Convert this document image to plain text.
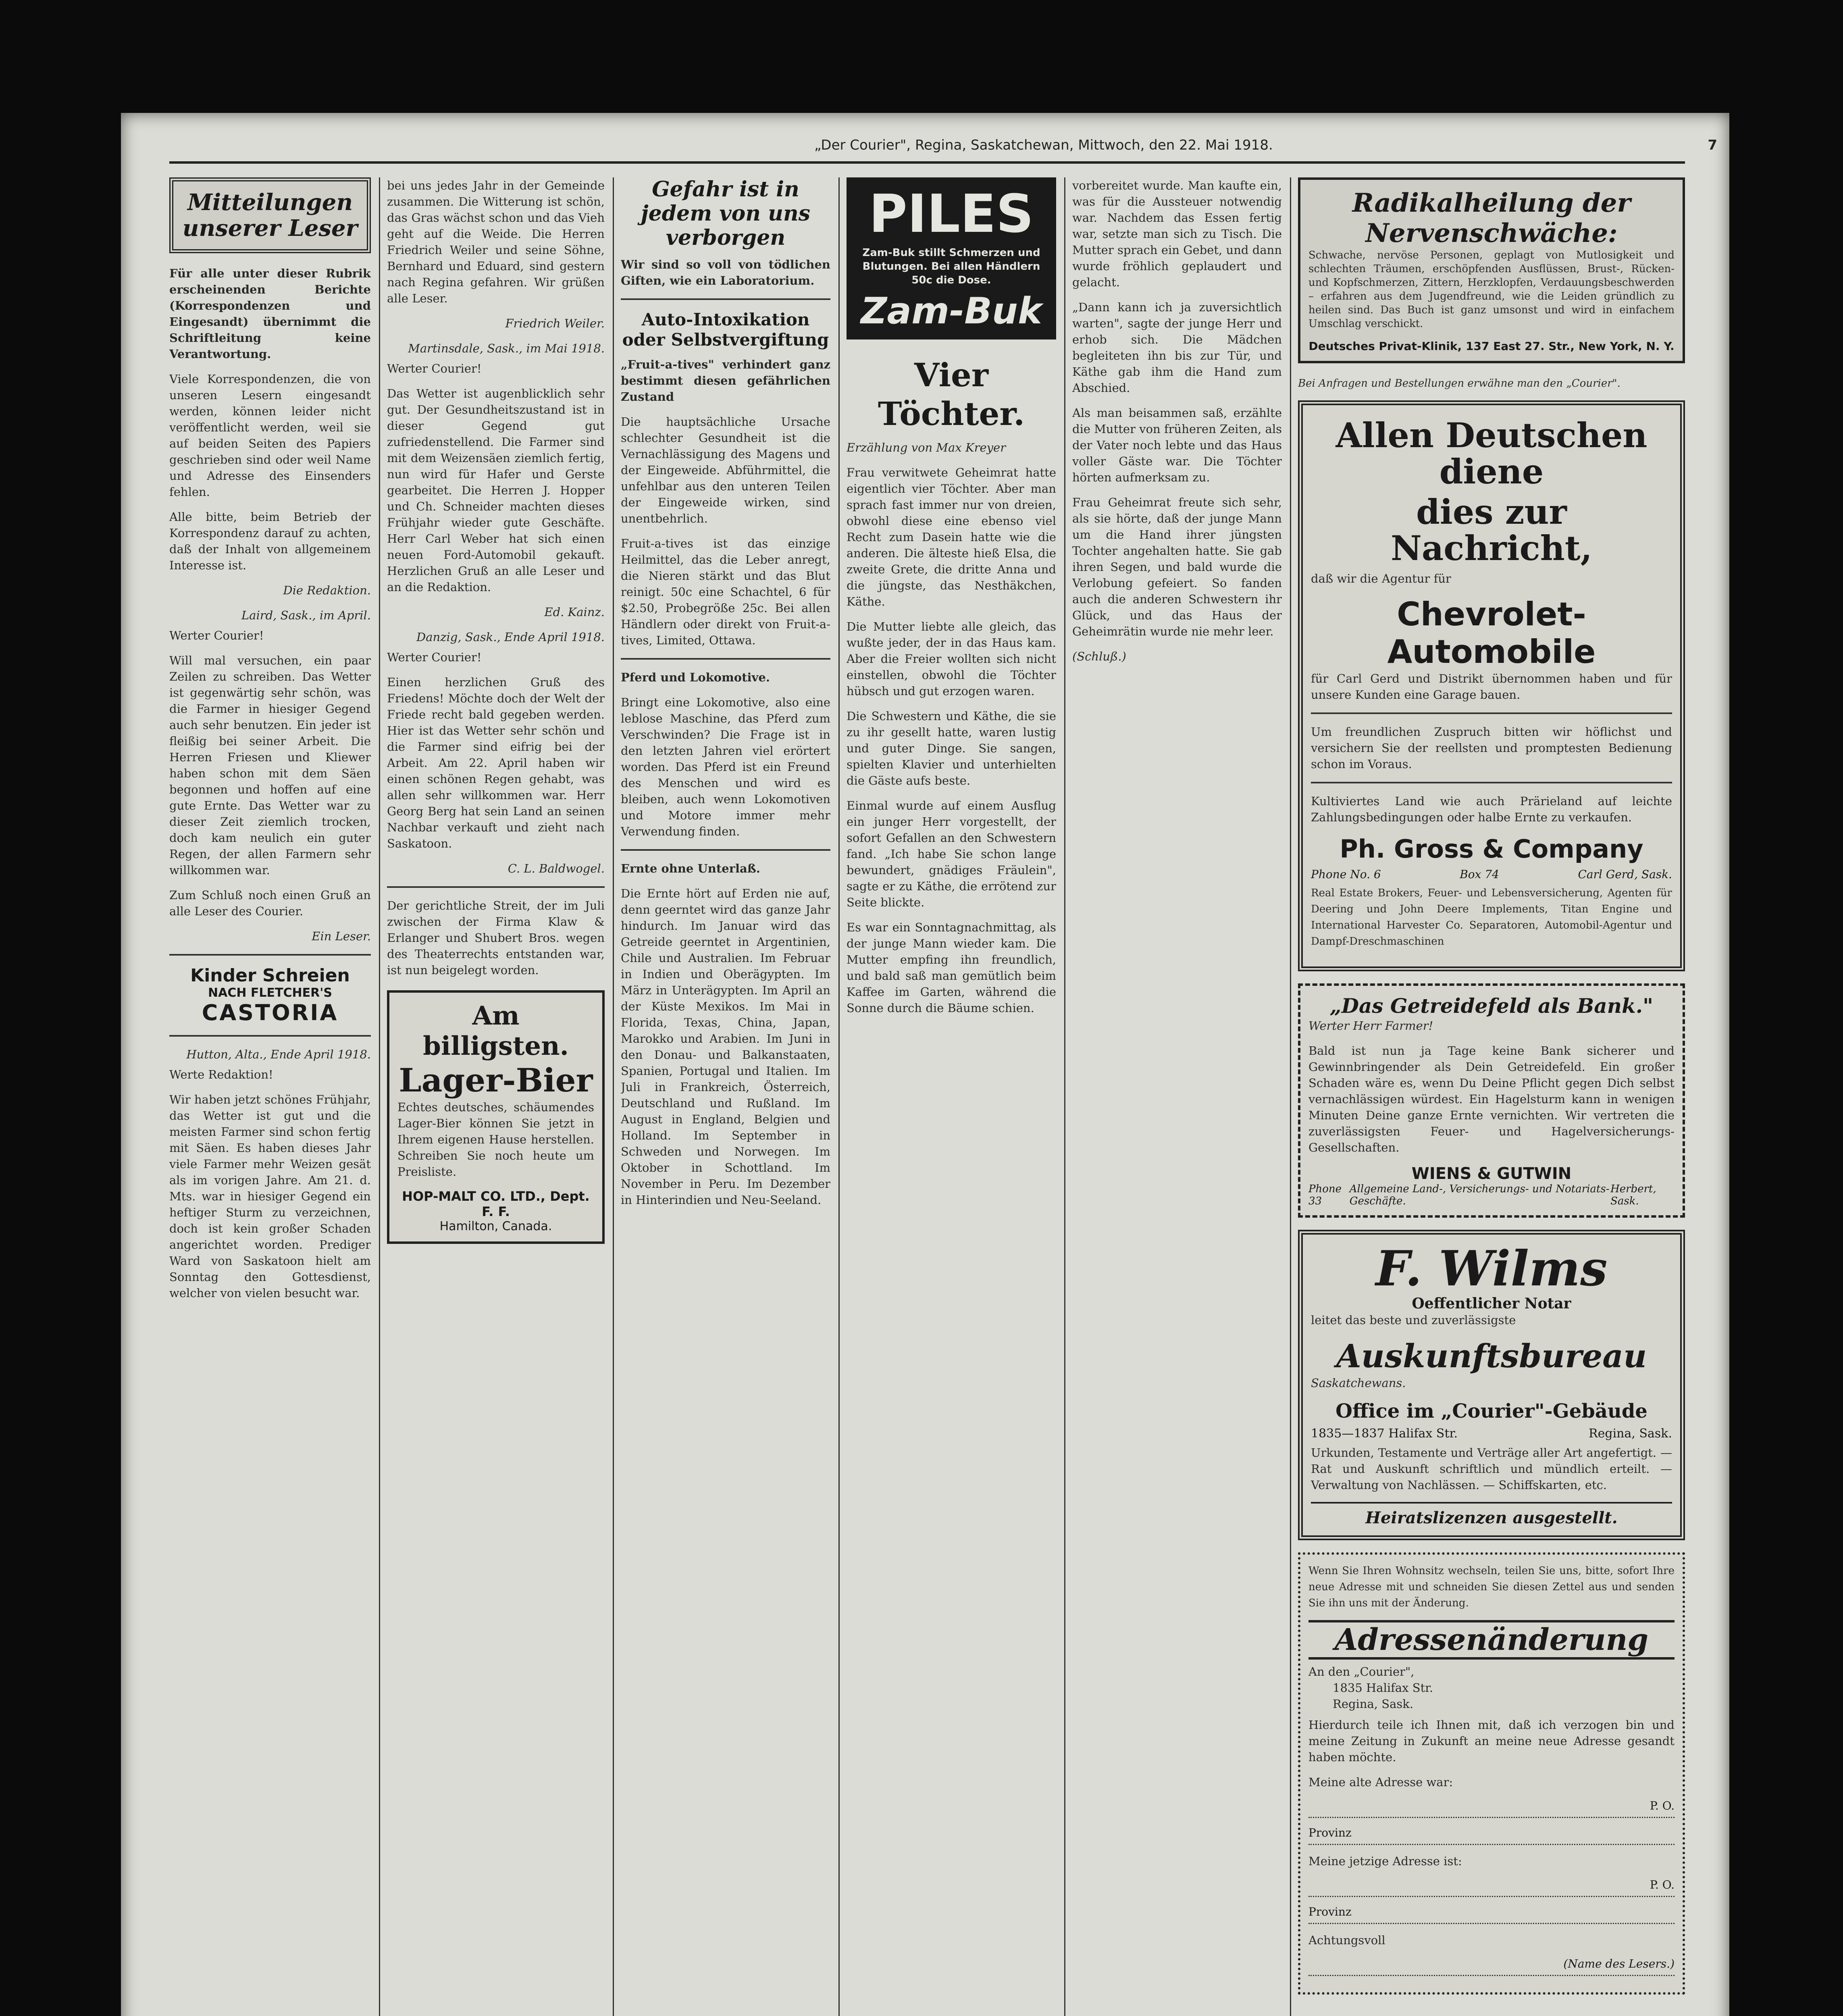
„Der Courier", Regina, Saskatchewan, Mittwoch, den 22. Mai 1918.	7
Mitteilungen unserer Leser

Für alle unter dieser Rubrik erscheinenden Berichte (Korrespondenzen und Eingesandt) übernimmt die Schriftleitung keine Verantwortung.

Viele Korrespondenzen, die von unseren Lesern eingesandt werden, können leider nicht veröffentlicht werden, weil sie auf beiden Seiten des Papiers geschrieben sind oder weil Name und Adresse des Einsenders fehlen.

Alle bitte, beim Betrieb der Korrespondenz darauf zu achten, daß der Inhalt von allgemeinem Interesse ist.

Die Redaktion.

Laird, Sask., im April.

Werter Courier!

Will mal versuchen, ein paar Zeilen zu schreiben. Das Wetter ist gegenwärtig sehr schön, was die Farmer in hiesiger Gegend auch sehr benutzen. Ein jeder ist fleißig bei seiner Arbeit. Die Herren Friesen und Kliewer haben schon mit dem Säen begonnen und hoffen auf eine gute Ernte. Das Wetter war zu dieser Zeit ziemlich trocken, doch kam neulich ein guter Regen, der allen Farmern sehr willkommen war.

Zum Schluß noch einen Gruß an alle Leser des Courier.

Ein Leser.

Kinder Schreien
NACH FLETCHER'S
CASTORIA

Hutton, Alta., Ende April 1918.

Werte Redaktion!

Wir haben jetzt schönes Frühjahr, das Wetter ist gut und die meisten Farmer sind schon fertig mit Säen. Es haben dieses Jahr viele Farmer mehr Weizen gesät als im vorigen Jahre. Am 21. d. Mts. war in hiesiger Gegend ein heftiger Sturm zu verzeichnen, doch ist kein großer Schaden angerichtet worden. Prediger Ward von Saskatoon hielt am Sonntag den Gottesdienst, welcher von vielen besucht war.

bei uns jedes Jahr in der Gemeinde zusammen. Die Witterung ist schön, das Gras wächst schon und das Vieh geht auf die Weide. Die Herren Friedrich Weiler und seine Söhne, Bernhard und Eduard, sind gestern nach Regina gefahren. Wir grüßen alle Leser.

Friedrich Weiler.

Martinsdale, Sask., im Mai 1918.

Werter Courier!

Das Wetter ist augenblicklich sehr gut. Der Gesundheitszustand ist in dieser Gegend gut zufriedenstellend. Die Farmer sind mit dem Weizensäen ziemlich fertig, nun wird für Hafer und Gerste gearbeitet. Die Herren J. Hopper und Ch. Schneider machten dieses Frühjahr wieder gute Geschäfte. Herr Carl Weber hat sich einen neuen Ford-Automobil gekauft. Herzlichen Gruß an alle Leser und an die Redaktion.

Ed. Kainz.

Danzig, Sask., Ende April 1918.

Werter Courier!

Einen herzlichen Gruß des Friedens! Möchte doch der Welt der Friede recht bald gegeben werden. Hier ist das Wetter sehr schön und die Farmer sind eifrig bei der Arbeit. Am 22. April haben wir einen schönen Regen gehabt, was allen sehr willkommen war. Herr Georg Berg hat sein Land an seinen Nachbar verkauft und zieht nach Saskatoon.

C. L. Baldwogel.

Der gerichtliche Streit, der im Juli zwischen der Firma Klaw & Erlanger und Shubert Bros. wegen des Theaterrechts entstanden war, ist nun beigelegt worden.

Am billigsten.
Lager-Bier

Echtes deutsches, schäumendes Lager-Bier können Sie jetzt in Ihrem eigenen Hause herstellen. Schreiben Sie noch heute um Preisliste.

HOP-MALT CO. LTD., Dept. F. F.
Hamilton, Canada.
Gefahr ist in jedem von uns verborgen

Wir sind so voll von tödlichen Giften, wie ein Laboratorium.

Auto-Intoxikation oder Selbstvergiftung

„Fruit-a-tives" verhindert ganz bestimmt diesen gefährlichen Zustand

Die hauptsächliche Ursache schlechter Gesundheit ist die Vernachlässigung des Magens und der Eingeweide. Abführmittel, die unfehlbar aus den unteren Teilen der Eingeweide wirken, sind unentbehrlich.

Fruit-a-tives ist das einzige Heilmittel, das die Leber anregt, die Nieren stärkt und das Blut reinigt. 50c eine Schachtel, 6 für $2.50, Probegröße 25c. Bei allen Händlern oder direkt von Fruit-a-tives, Limited, Ottawa.

Pferd und Lokomotive.

Bringt eine Lokomotive, also eine leblose Maschine, das Pferd zum Verschwinden? Die Frage ist in den letzten Jahren viel erörtert worden. Das Pferd ist ein Freund des Menschen und wird es bleiben, auch wenn Lokomotiven und Motore immer mehr Verwendung finden.

Ernte ohne Unterlaß.

Die Ernte hört auf Erden nie auf, denn geerntet wird das ganze Jahr hindurch. Im Januar wird das Getreide geerntet in Argentinien, Chile und Australien. Im Februar in Indien und Oberägypten. Im März in Unterägypten. Im April an der Küste Mexikos. Im Mai in Florida, Texas, China, Japan, Marokko und Arabien. Im Juni in den Donau- und Balkanstaaten, Spanien, Portugal und Italien. Im Juli in Frankreich, Österreich, Deutschland und Rußland. Im August in England, Belgien und Holland. Im September in Schweden und Norwegen. Im Oktober in Schottland. Im November in Peru. Im Dezember in Hinterindien und Neu-Seeland.

PILES
Zam-Buk stillt Schmerzen und Blutungen. Bei allen Händlern 50c die Dose.
Zam-Buk
Vier Töchter.

Erzählung von Max Kreyer

Frau verwitwete Geheimrat hatte eigentlich vier Töchter. Aber man sprach fast immer nur von dreien, obwohl diese eine ebenso viel Recht zum Dasein hatte wie die anderen. Die älteste hieß Elsa, die zweite Grete, die dritte Anna und die jüngste, das Nesthäkchen, Käthe.

Die Mutter liebte alle gleich, das wußte jeder, der in das Haus kam. Aber die Freier wollten sich nicht einstellen, obwohl die Töchter hübsch und gut erzogen waren.

Die Schwestern und Käthe, die sie zu ihr gesellt hatte, waren lustig und guter Dinge. Sie sangen, spielten Klavier und unterhielten die Gäste aufs beste.

Einmal wurde auf einem Ausflug ein junger Herr vorgestellt, der sofort Gefallen an den Schwestern fand. „Ich habe Sie schon lange bewundert, gnädiges Fräulein", sagte er zu Käthe, die errötend zur Seite blickte.

Es war ein Sonntagnachmittag, als der junge Mann wieder kam. Die Mutter empfing ihn freundlich, und bald saß man gemütlich beim Kaffee im Garten, während die Sonne durch die Bäume schien.

vorbereitet wurde. Man kaufte ein, was für die Aussteuer notwendig war. Nachdem das Essen fertig war, setzte man sich zu Tisch. Die Mutter sprach ein Gebet, und dann wurde fröhlich geplaudert und gelacht.

„Dann kann ich ja zuversichtlich warten", sagte der junge Herr und erhob sich. Die Mädchen begleiteten ihn bis zur Tür, und Käthe gab ihm die Hand zum Abschied.

Als man beisammen saß, erzählte die Mutter von früheren Zeiten, als der Vater noch lebte und das Haus voller Gäste war. Die Töchter hörten aufmerksam zu.

Frau Geheimrat freute sich sehr, als sie hörte, daß der junge Mann um die Hand ihrer jüngsten Tochter angehalten hatte. Sie gab ihren Segen, und bald wurde die Verlobung gefeiert. So fanden auch die anderen Schwestern ihr Glück, und das Haus der Geheimrätin wurde nie mehr leer.

(Schluß.)

Radikalheilung der Nervenschwäche:

Schwache, nervöse Personen, geplagt von Mutlosigkeit und schlechten Träumen, erschöpfenden Ausflüssen, Brust-, Rücken- und Kopfschmerzen, Zittern, Herzklopfen, Verdauungsbeschwerden – erfahren aus dem Jugendfreund, wie die Leiden gründlich zu heilen sind. Das Buch ist ganz umsonst und wird in einfachem Umschlag verschickt.

Deutsches Privat-Klinik, 137 East 27. Str., New York, N. Y.

Bei Anfragen und Bestellungen erwähne man den „Courier".

Allen Deutschen diene
dies zur Nachricht,

daß wir die Agentur für

Chevrolet-Automobile

für Carl Gerd und Distrikt übernommen haben und für unsere Kunden eine Garage bauen.

Um freundlichen Zuspruch bitten wir höflichst und versichern Sie der reellsten und promptesten Bedienung schon im Voraus.

Kultiviertes Land wie auch Prärieland auf leichte Zahlungsbedingungen oder halbe Ernte zu verkaufen.

Ph. Gross & Company
Phone No. 6	Box 74	Carl Gerd, Sask.

Real Estate Brokers, Feuer- und Lebensversicherung, Agenten für Deering und John Deere Implements, Titan Engine und International Harvester Co. Separatoren, Automobil-Agentur und Dampf-Dreschmaschinen

„Das Getreidefeld als Bank."

Werter Herr Farmer!

Bald ist nun ja Tage keine Bank sicherer und Gewinnbringender als Dein Getreidefeld. Ein großer Schaden wäre es, wenn Du Deine Pflicht gegen Dich selbst vernachlässigen würdest. Ein Hagelsturm kann in wenigen Minuten Deine ganze Ernte vernichten. Wir vertreten die zuverlässigsten Feuer- und Hagelversicherungs-Gesellschaften.

WIENS & GUTWIN
Phone 33
Allgemeine Land-, Versicherungs- und Notariats-Geschäfte.
Herbert, Sask.
F. Wilms
Oeffentlicher Notar

leitet das beste und zuverlässigste

Auskunftsbureau

Saskatchewans.

Office im „Courier"-Gebäude
1835—1837 Halifax Str.	Regina, Sask.

Urkunden, Testamente und Verträge aller Art angefertigt. — Rat und Auskunft schriftlich und mündlich erteilt. — Verwaltung von Nachlässen. — Schiffskarten, etc.

Heiratslizenzen ausgestellt.

Wenn Sie Ihren Wohnsitz wechseln, teilen Sie uns, bitte, sofort Ihre neue Adresse mit und schneiden Sie diesen Zettel aus und senden Sie ihn uns mit der Änderung.

Adressenänderung

An den „Courier",

1835 Halifax Str.

Regina, Sask.

Hierdurch teile ich Ihnen mit, daß ich verzogen bin und meine Zeitung in Zukunft an meine neue Adresse gesandt haben möchte.

Meine alte Adresse war:

P. O.
Provinz

Meine jetzige Adresse ist:

P. O.
Provinz

Achtungsvoll

(Name des Lesers.)
